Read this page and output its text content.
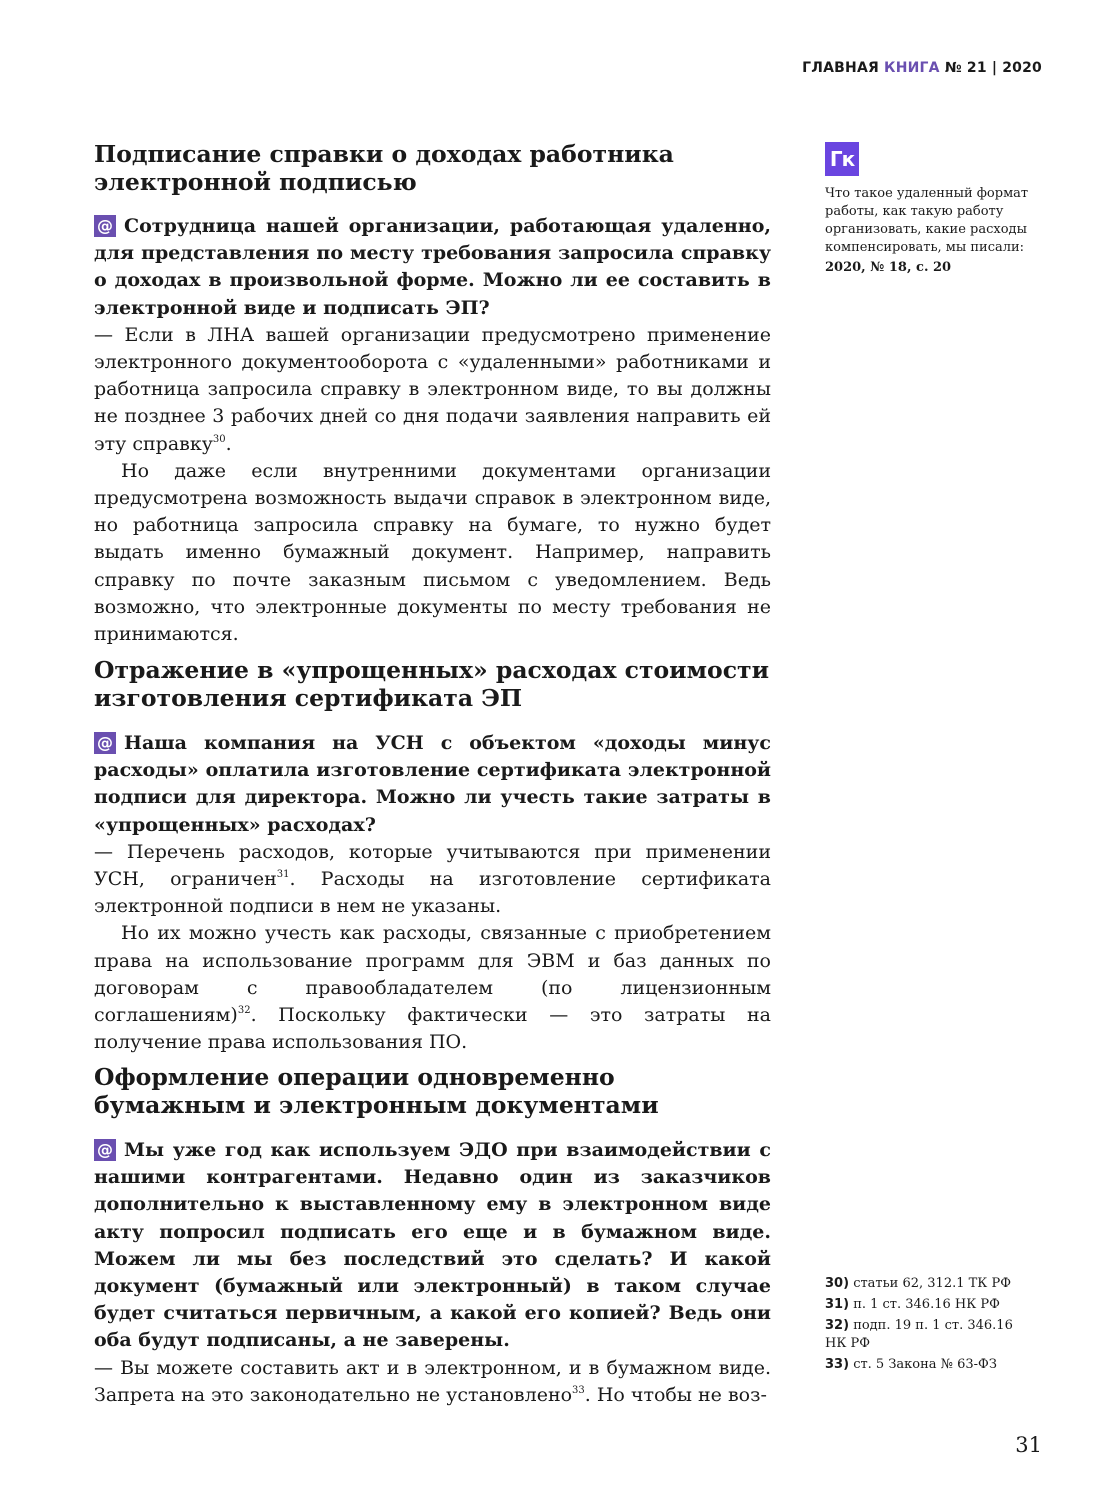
ГЛАВНАЯ КНИГА № 21 | 2020
Подписание справки о доходах работника электронной подписью

@ Сотрудница нашей организации, работающая удаленно, для представления по месту требования запросила справку о доходах в произвольной форме. Можно ли ее составить в электронной виде и подписать ЭП?

— Если в ЛНА вашей организации предусмотрено применение электронного документооборота с «удаленными» работниками и работница запросила справку в электронном виде, то вы должны не позднее 3 рабочих дней со дня подачи заявления направить ей эту справку$^{30}$.

Но даже если внутренними документами организации предусмотрена возможность выдачи справок в электронном виде, но работница запросила справку на бумаге, то нужно будет выдать именно бумажный документ. Например, направить справку по почте заказным письмом с уведомлением. Ведь возможно, что электронные документы по месту требования не принимаются.

Отражение в «упрощенных» расходах стоимости изготовления сертификата ЭП

@ Наша компания на УСН с объектом «доходы минус расходы» оплатила изготовление сертификата электронной подписи для директора. Можно ли учесть такие затраты в «упрощенных» расходах?

— Перечень расходов, которые учитываются при применении УСН, ограничен$^{31}$. Расходы на изготовление сертификата электронной подписи в нем не указаны.

Но их можно учесть как расходы, связанные с приобретением права на использование программ для ЭВМ и баз данных по договорам с правообладателем (по лицензионным соглашениям)$^{32}$. Поскольку фактически — это затраты на получение права использования ПО.

Оформление операции одновременно бумажным и электронным документами

@ Мы уже год как используем ЭДО при взаимодействии с нашими контрагентами. Недавно один из заказчиков дополнительно к выставленному ему в электронном виде акту попросил подписать его еще и в бумажном виде. Можем ли мы без последствий это сделать? И какой документ (бумажный или электронный) в таком случае будет считаться первичным, а какой его копией? Ведь они оба будут подписаны, а не заверены.

— Вы можете составить акт и в электронном, и в бумажном виде. Запрета на это законодательно не установлено$^{33}$. Но чтобы не воз-

Гк
Что такое удаленный формат работы, как такую работу организовать, какие расходы компенсировать, мы писали:
2020, № 18, с. 20
30) статьи 62, 312.1 ТК РФ
31) п. 1 ст. 346.16 НК РФ
32) подп. 19 п. 1 ст. 346.16 НК РФ
33) ст. 5 Закона № 63-ФЗ
31
